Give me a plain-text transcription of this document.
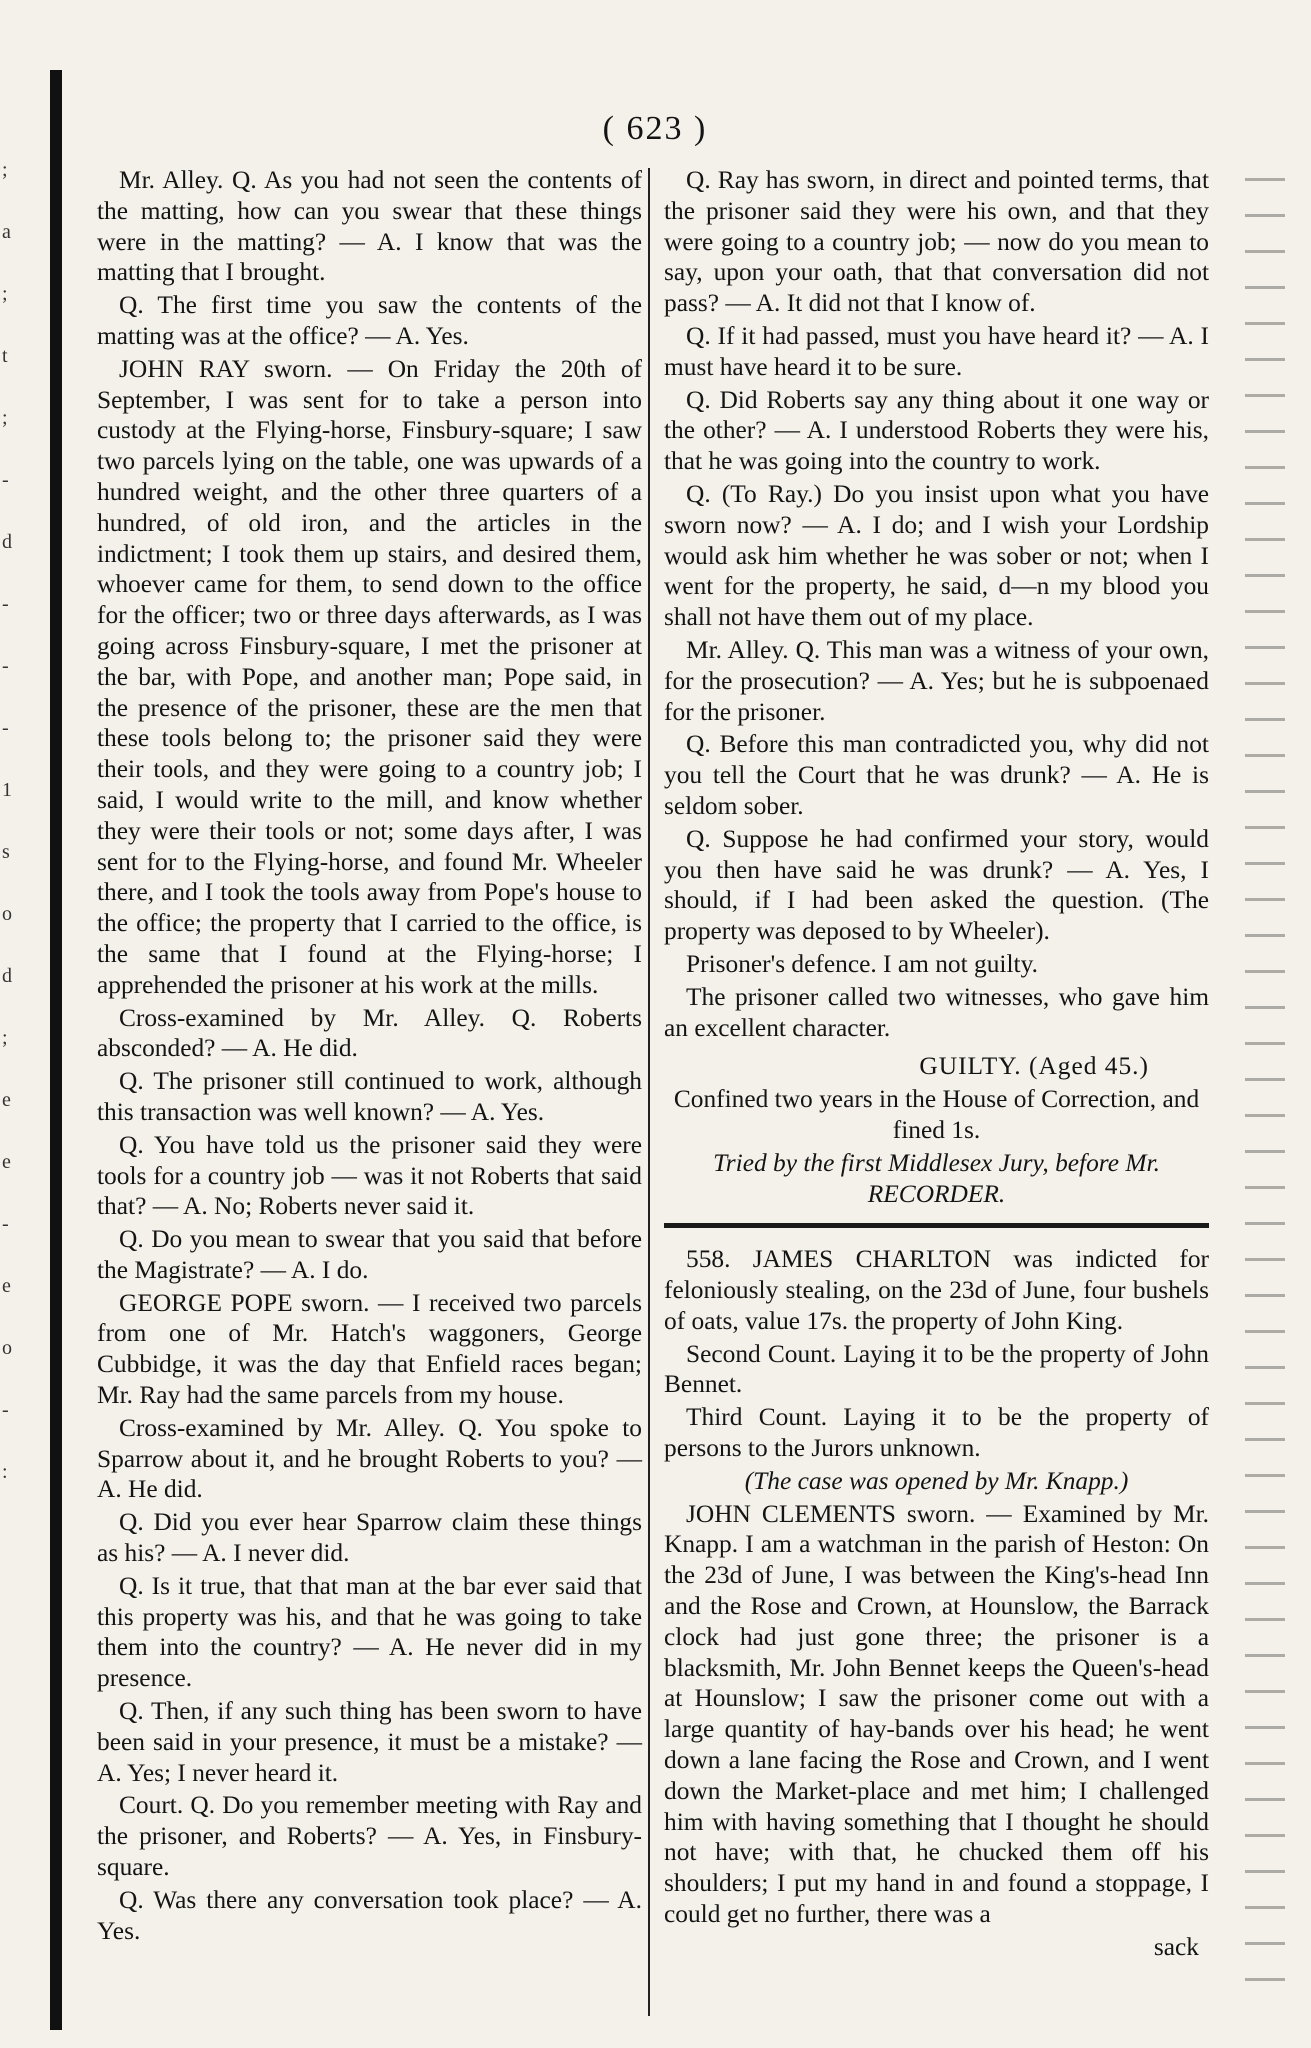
;
a
;
t
;
-
d
-
-
-
1
s
o
d
;
e
e
-
e
o
-
:
( 623 )

Mr. Alley. Q. As you had not seen the contents of the matting, how can you swear that these things were in the matting? — A. I know that was the matting that I brought.

Q. The first time you saw the contents of the matting was at the office? — A. Yes.

JOHN RAY sworn. — On Friday the 20th of September, I was sent for to take a person into custody at the Flying-horse, Finsbury-square; I saw two parcels lying on the table, one was upwards of a hundred weight, and the other three quarters of a hundred, of old iron, and the articles in the indictment; I took them up stairs, and desired them, whoever came for them, to send down to the office for the officer; two or three days afterwards, as I was going across Finsbury-square, I met the prisoner at the bar, with Pope, and another man; Pope said, in the presence of the prisoner, these are the men that these tools belong to; the prisoner said they were their tools, and they were going to a country job; I said, I would write to the mill, and know whether they were their tools or not; some days after, I was sent for to the Flying-horse, and found Mr. Wheeler there, and I took the tools away from Pope's house to the office; the property that I carried to the office, is the same that I found at the Flying-horse; I apprehended the prisoner at his work at the mills.

Cross-examined by Mr. Alley. Q. Roberts absconded? — A. He did.

Q. The prisoner still continued to work, although this transaction was well known? — A. Yes.

Q. You have told us the prisoner said they were tools for a country job — was it not Roberts that said that? — A. No; Roberts never said it.

Q. Do you mean to swear that you said that before the Magistrate? — A. I do.

GEORGE POPE sworn. — I received two parcels from one of Mr. Hatch's waggoners, George Cubbidge, it was the day that Enfield races began; Mr. Ray had the same parcels from my house.

Cross-examined by Mr. Alley. Q. You spoke to Sparrow about it, and he brought Roberts to you? — A. He did.

Q. Did you ever hear Sparrow claim these things as his? — A. I never did.

Q. Is it true, that that man at the bar ever said that this property was his, and that he was going to take them into the country? — A. He never did in my presence.

Q. Then, if any such thing has been sworn to have been said in your presence, it must be a mistake? — A. Yes; I never heard it.

Court. Q. Do you remember meeting with Ray and the prisoner, and Roberts? — A. Yes, in Finsbury-square.

Q. Was there any conversation took place? — A. Yes.

Q. Ray has sworn, in direct and pointed terms, that the prisoner said they were his own, and that they were going to a country job; — now do you mean to say, upon your oath, that that conversation did not pass? — A. It did not that I know of.

Q. If it had passed, must you have heard it? — A. I must have heard it to be sure.

Q. Did Roberts say any thing about it one way or the other? — A. I understood Roberts they were his, that he was going into the country to work.

Q. (To Ray.) Do you insist upon what you have sworn now? — A. I do; and I wish your Lordship would ask him whether he was sober or not; when I went for the property, he said, d—n my blood you shall not have them out of my place.

Mr. Alley. Q. This man was a witness of your own, for the prosecution? — A. Yes; but he is subpoenaed for the prisoner.

Q. Before this man contradicted you, why did not you tell the Court that he was drunk? — A. He is seldom sober.

Q. Suppose he had confirmed your story, would you then have said he was drunk? — A. Yes, I should, if I had been asked the question. (The property was deposed to by Wheeler).

Prisoner's defence. I am not guilty.

The prisoner called two witnesses, who gave him an excellent character.

GUILTY. (Aged 45.)

Confined two years in the House of Correction, and fined 1s.

Tried by the first Middlesex Jury, before Mr. RECORDER.

558. JAMES CHARLTON was indicted for feloniously stealing, on the 23d of June, four bushels of oats, value 17s. the property of John King.

Second Count. Laying it to be the property of John Bennet.

Third Count. Laying it to be the property of persons to the Jurors unknown.

(The case was opened by Mr. Knapp.)

JOHN CLEMENTS sworn. — Examined by Mr. Knapp. I am a watchman in the parish of Heston: On the 23d of June, I was between the King's-head Inn and the Rose and Crown, at Hounslow, the Barrack clock had just gone three; the prisoner is a blacksmith, Mr. John Bennet keeps the Queen's-head at Hounslow; I saw the prisoner come out with a large quantity of hay-bands over his head; he went down a lane facing the Rose and Crown, and I went down the Market-place and met him; I challenged him with having something that I thought he should not have; with that, he chucked them off his shoulders; I put my hand in and found a stoppage, I could get no further, there was a

sack
